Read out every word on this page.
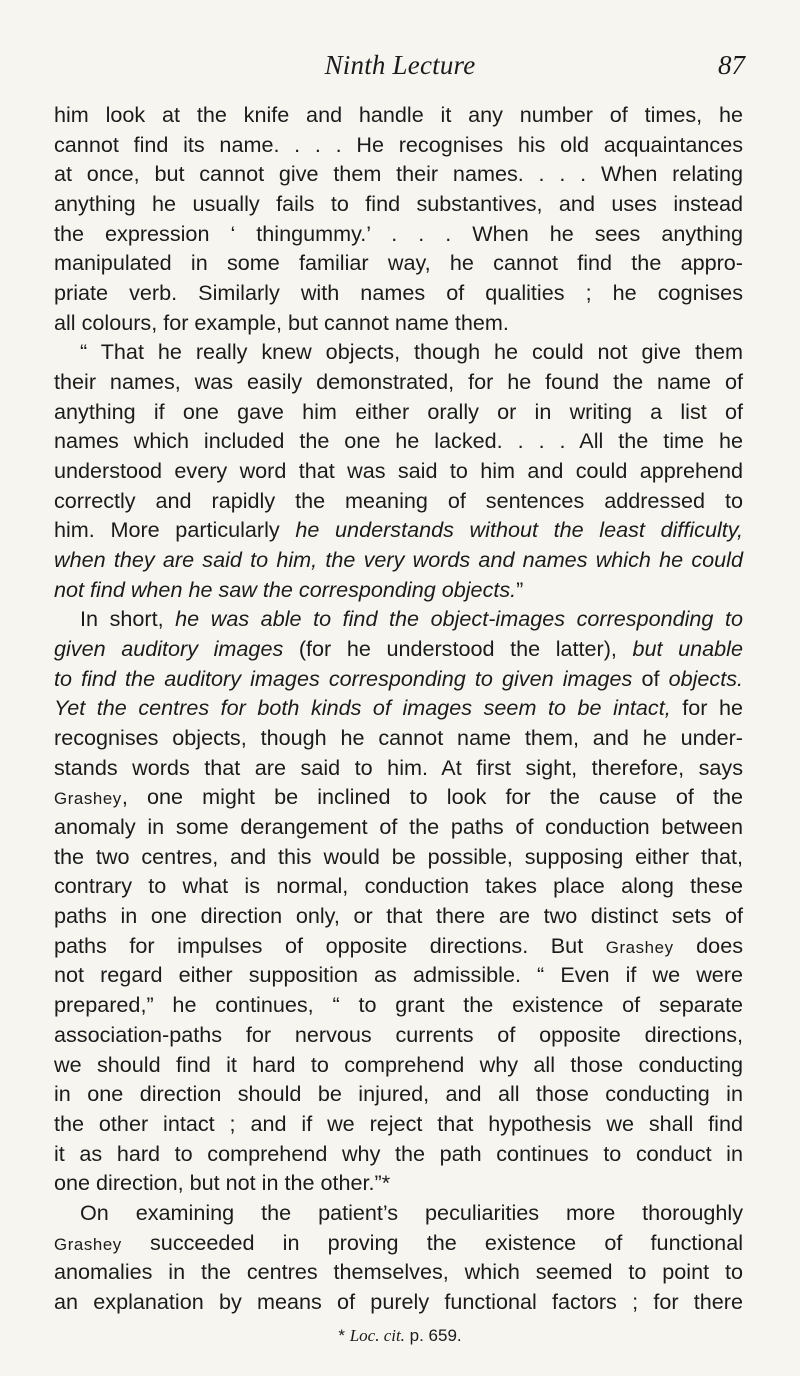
Ninth Lecture	87
him look at the knife and handle it any number of times, he
cannot find its name. . . . He recognises his old acquaintances
at once, but cannot give them their names. . . . When relating
anything he usually fails to find substantives, and uses instead
the expression ‘ thingummy.’ . . . When he sees anything
manipulated in some familiar way, he cannot find the appro-
priate verb. Similarly with names of qualities ; he cognises
all colours, for example, but cannot name them.
“ That he really knew objects, though he could not give them
their names, was easily demonstrated, for he found the name of
anything if one gave him either orally or in writing a list of
names which included the one he lacked. . . . All the time he
understood every word that was said to him and could apprehend
correctly and rapidly the meaning of sentences addressed to
him. More particularly he understands without the least difficulty,
when they are said to him, the very words and names which he could
not find when he saw the corresponding objects.”
In short, he was able to find the object-images corresponding to
given auditory images (for he understood the latter), but unable
to find the auditory images corresponding to given images of objects.
Yet the centres for both kinds of images seem to be intact, for he
recognises objects, though he cannot name them, and he under-
stands words that are said to him. At first sight, therefore, says
Grashey, one might be inclined to look for the cause of the
anomaly in some derangement of the paths of conduction between
the two centres, and this would be possible, supposing either that,
contrary to what is normal, conduction takes place along these
paths in one direction only, or that there are two distinct sets of
paths for impulses of opposite directions. But Grashey does
not regard either supposition as admissible. “ Even if we were
prepared,” he continues, “ to grant the existence of separate
association-paths for nervous currents of opposite directions,
we should find it hard to comprehend why all those conducting
in one direction should be injured, and all those conducting in
the other intact ; and if we reject that hypothesis we shall find
it as hard to comprehend why the path continues to conduct in
one direction, but not in the other.”*
On examining the patient’s peculiarities more thoroughly
Grashey succeeded in proving the existence of functional
anomalies in the centres themselves, which seemed to point to
an explanation by means of purely functional factors ; for there
* Loc. cit. p. 659.
